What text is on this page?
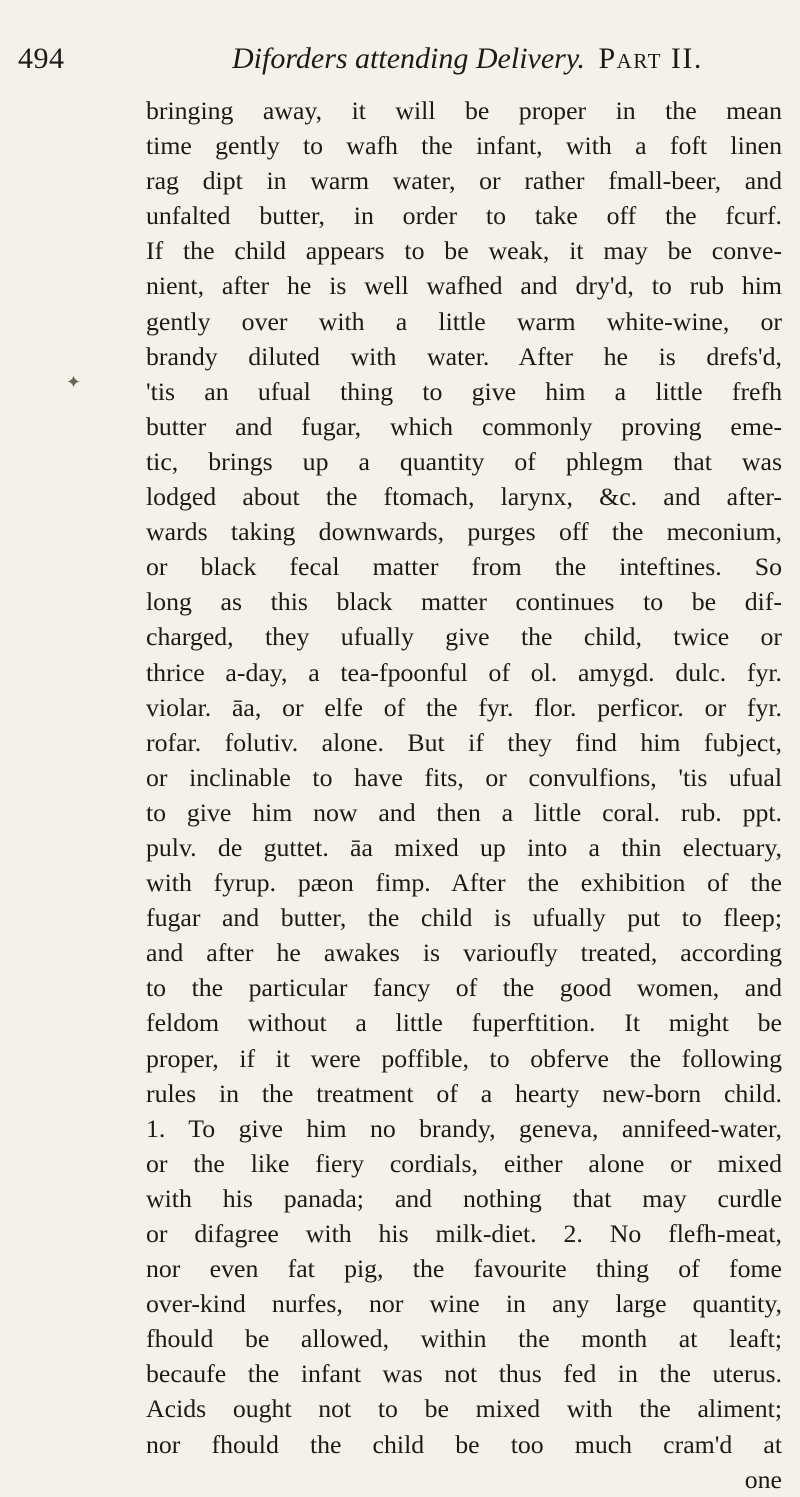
494	Diforders attending Delivery. Part II.
bringing away, it will be proper in the mean
time gently to wafh the infant, with a foft linen
rag dipt in warm water, or rather fmall-beer, and
unfalted butter, in order to take off the fcurf.
If the child appears to be weak, it may be conve-
nient, after he is well wafhed and dry'd, to rub him
gently over with a little warm white-wine, or
brandy diluted with water. After he is drefs'd,
'tis an ufual thing to give him a little frefh
butter and fugar, which commonly proving eme-
tic, brings up a quantity of phlegm that was
lodged about the ftomach, larynx, &c. and after-
wards taking downwards, purges off the meconium,
or black fecal matter from the inteftines. So
long as this black matter continues to be dif-
charged, they ufually give the child, twice or
thrice a-day, a tea-fpoonful of ol. amygd. dulc. fyr.
violar. āa, or elfe of the fyr. flor. perficor. or fyr.
rofar. folutiv. alone. But if they find him fubject,
or inclinable to have fits, or convulfions, 'tis ufual
to give him now and then a little coral. rub. ppt.
pulv. de guttet. āa mixed up into a thin electuary,
with fyrup. pæon fimp. After the exhibition of the
fugar and butter, the child is ufually put to fleep;
and after he awakes is varioufly treated, according
to the particular fancy of the good women, and
feldom without a little fuperftition. It might be
proper, if it were poffible, to obferve the following
rules in the treatment of a hearty new-born child.
1. To give him no brandy, geneva, annifeed-water,
or the like fiery cordials, either alone or mixed
with his panada; and nothing that may curdle
or difagree with his milk-diet. 2. No flefh-meat,
nor even fat pig, the favourite thing of fome
over-kind nurfes, nor wine in any large quantity,
fhould be allowed, within the month at leaft;
becaufe the infant was not thus fed in the uterus.
Acids ought not to be mixed with the aliment;
nor fhould the child be too much cram'd at
one
✦
